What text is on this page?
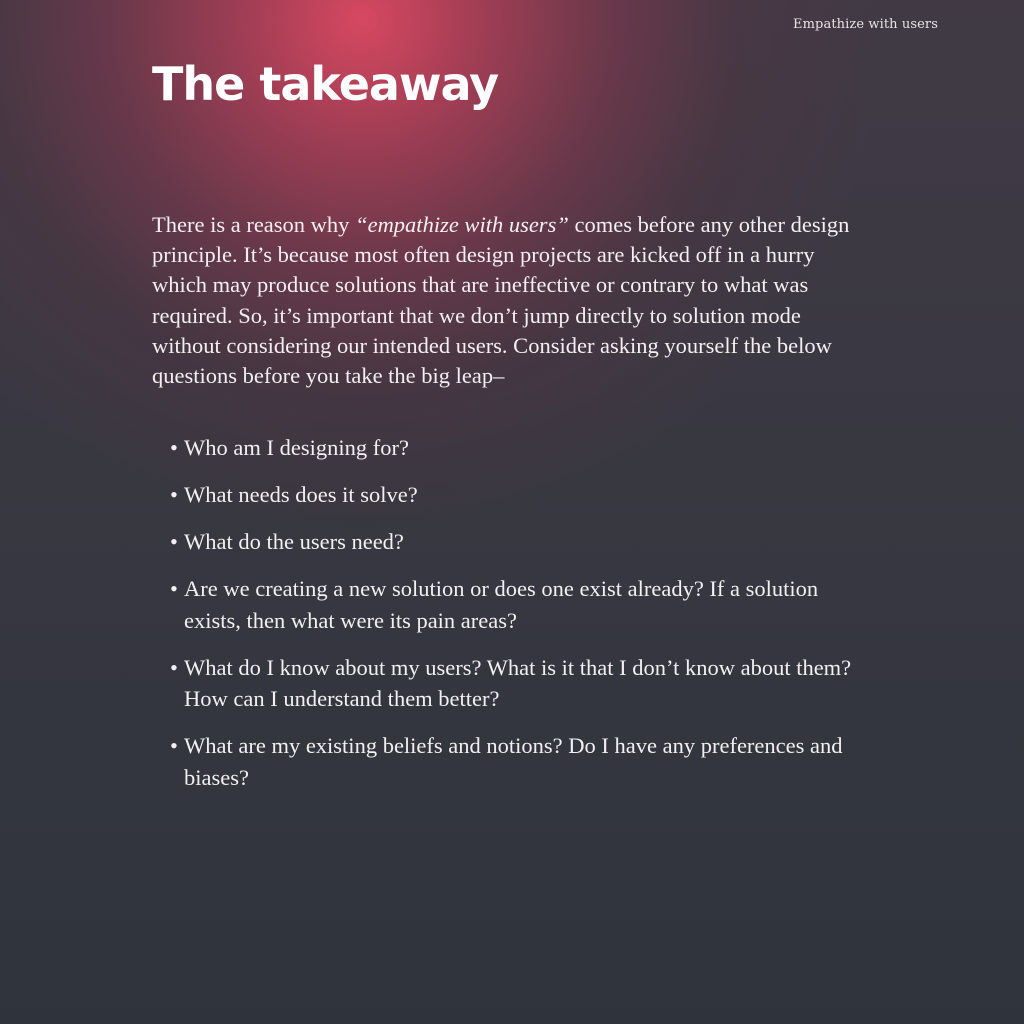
Empathize with users
The takeaway

There is a reason why “empathize with users” comes before any other design principle. It’s because most often design projects are kicked off in a hurry which may produce solutions that are ineffective or contrary to what was required. So, it’s important that we don’t jump directly to solution mode without considering our intended users. Consider asking yourself the below questions before you take the big leap–

• Who am I designing for?
• What needs does it solve?
• What do the users need?
• Are we creating a new solution or does one exist already? If a solution exists, then what were its pain areas?
• What do I know about my users? What is it that I don’t know about them? How can I understand them better?
• What are my existing beliefs and notions? Do I have any preferences and biases?
